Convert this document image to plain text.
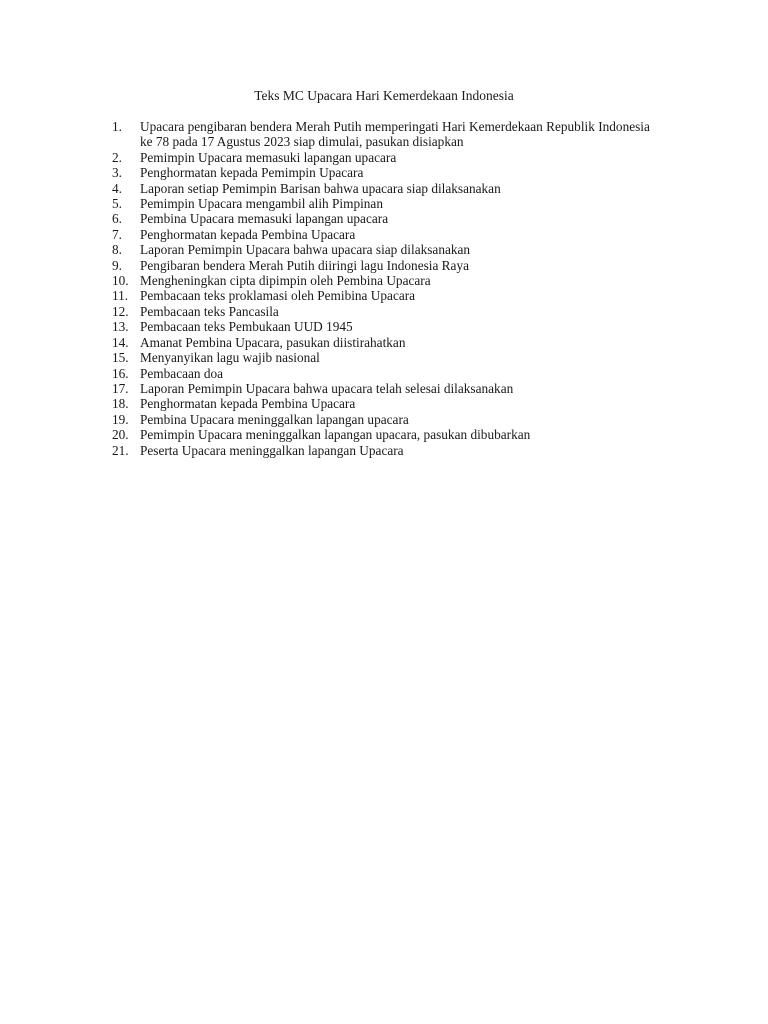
Teks MC Upacara Hari Kemerdekaan Indonesia
1.	Upacara pengibaran bendera Merah Putih memperingati Hari Kemerdekaan Republik Indonesia ke 78 pada 17 Agustus 2023 siap dimulai, pasukan disiapkan
2.	Pemimpin Upacara memasuki lapangan upacara
3.	Penghormatan kepada Pemimpin Upacara
4.	Laporan setiap Pemimpin Barisan bahwa upacara siap dilaksanakan
5.	Pemimpin Upacara mengambil alih Pimpinan
6.	Pembina Upacara memasuki lapangan upacara
7.	Penghormatan kepada Pembina Upacara
8.	Laporan Pemimpin Upacara bahwa upacara siap dilaksanakan
9.	Pengibaran bendera Merah Putih diiringi lagu Indonesia Raya
10. Mengheningkan cipta dipimpin oleh Pembina Upacara
11. Pembacaan teks proklamasi oleh Pemibina Upacara
12. Pembacaan teks Pancasila
13. Pembacaan teks Pembukaan UUD 1945
14. Amanat Pembina Upacara, pasukan diistirahatkan
15. Menyanyikan lagu wajib nasional
16. Pembacaan doa
17. Laporan Pemimpin Upacara bahwa upacara telah selesai dilaksanakan
18. Penghormatan kepada Pembina Upacara
19. Pembina Upacara meninggalkan lapangan upacara
20. Pemimpin Upacara meninggalkan lapangan upacara, pasukan dibubarkan
21. Peserta Upacara meninggalkan lapangan Upacara
